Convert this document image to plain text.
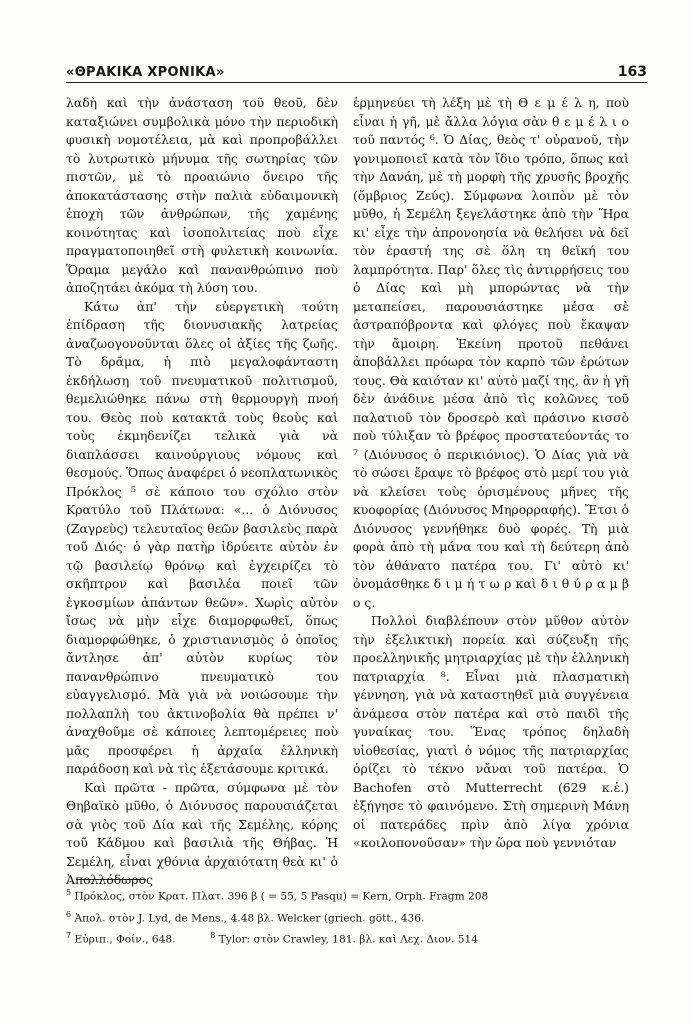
«ΘΡΑΚΙΚΑ ΧΡΟΝΙΚΑ»	163

λαδὴ καὶ τὴν ἀνάσταση τοῦ θεοῦ, δὲν καταξιώνει συμβολικὰ μόνο τὴν περιοδικὴ φυσικὴ νομοτέλεια, μὰ καὶ προπροβάλλει τὸ λυτρωτικὸ μήνυμα τῆς σωτηρίας τῶν πιστῶν, μὲ τὸ προαιώνιο ὄνειρο τῆς ἀποκατάστασης στὴν παλιὰ εὐδαιμονικὴ ἐποχὴ τῶν ἀνθρώπων, τῆς χαμένης κοινότητας καὶ ἰσοπολιτείας ποὺ εἶχε πραγματοποιηθεῖ στὴ φυλετικὴ κοινωνία. Ὅραμα μεγάλο καὶ πανανθρώπινο ποὺ ἀποζητάει ἀκόμα τὴ λύση του.

Κάτω ἀπ' τὴν εὐεργετικὴ τούτη ἐπίδραση τῆς διονυσιακῆς λατρείας ἀναζωογονοῦνται ὅλες οἱ ἀξίες τῆς ζωῆς. Τὸ δρᾶμα, ἡ πιὸ μεγαλοφάνταστη ἐκδήλωση τοῦ πνευματικοῦ πολιτισμοῦ, θεμελιώθηκε πάνω στὴ θερμουργὴ πνοή του. Θεὸς ποὺ κατακτᾶ τοὺς θεοὺς καὶ τοὺς ἐκμηδενίζει τελικὰ γιὰ νὰ διαπλάσσει καινούργιους νόμους καὶ θεσμούς. Ὅπως ἀναφέρει ὁ νεοπλατωνικὸς Πρόκλος ⁵ σὲ κάποιο του σχόλιο στὸν Κρατύλο τοῦ Πλάτωνα: «... ὁ Διόνυσος (Ζαγρεὺς) τελευταῖος θεῶν βασιλεὺς παρὰ τοῦ Διός· ὁ γὰρ πατὴρ ἱδρύειτε αὐτὸν ἐν τῷ βασιλείῳ θρόνῳ καὶ ἐγχειρίζει τὸ σκῆπτρον καὶ βασιλέα ποιεῖ τῶν ἐγκοσμίων ἁπάντων θεῶν». Χωρὶς αὐτὸν ἴσως νὰ μὴν εἶχε διαμορφωθεῖ, ὅπως διαμορφώθηκε, ὁ χριστιανισμὸς ὁ ὁποῖος ἄντλησε ἀπ' αὐτὸν κυρίως τὸν πανανθρώπινο πνευματικὸ του εὐαγγελισμό. Μὰ γιὰ νὰ νοιώσουμε τὴν πολλαπλὴ του ἀκτινοβολία θὰ πρέπει ν' ἀναχθοῦμε σὲ κάποιες λεπτομέρειες ποὺ μᾶς προσφέρει ἡ ἀρχαία ἑλληνικὴ παράδοση καὶ νὰ τὶς ἐξετάσουμε κριτικά.

Καὶ πρῶτα - πρῶτα, σύμφωνα μὲ τὸν Θηβαϊκὸ μῦθο, ὁ Διόνυσος παρουσιάζεται σὰ γιὸς τοῦ Δία καὶ τῆς Σεμέλης, κόρης τοῦ Κάδμου καὶ βασιλιὰ τῆς Θήβας. Ἡ Σεμέλη, εἶναι χθόνια ἀρχαιότατη θεὰ κι' ὁ Ἀπολλόδωρος

ἑρμηνεύει τὴ λέξη μὲ τὴ Θ ε μ έ λ η, ποὺ εἶναι ἡ γῆ, μὲ ἄλλα λόγια σὰν θ ε μ έ λ ι ο τοῦ παντός ⁶. Ὁ Δίας, θεὸς τ' οὐρανοῦ, τὴν γονιμοποιεῖ κατὰ τὸν ἴδιο τρόπο, ὅπως καὶ τὴν Δανάη, μὲ τὴ μορφὴ τῆς χρυσῆς βροχῆς (ὄμβριος Ζεύς). Σύμφωνα λοιπὸν μὲ τὸν μῦθο, ἡ Σεμέλη ξεγελάστηκε ἀπὸ τὴν Ἥρα κι' εἶχε τὴν ἀπρονοησία νὰ θελήσει νὰ δεῖ τὸν ἐραστή της σὲ ὅλη τη θεϊκή του λαμπρότητα. Παρ' ὅλες τὶς ἀντιρρήσεις του ὁ Δίας καὶ μὴ μπορώντας νὰ τὴν μεταπείσει, παρουσιάστηκε μέσα σὲ ἀστραπόβροντα καὶ φλόγες ποὺ ἔκαψαν τὴν ἄμοιρη. Ἐκείνη προτοῦ πεθάνει ἀποβάλλει πρόωρα τὸν καρπὸ τῶν ἐρώτων τους. Θὰ καιόταν κι' αὐτὸ μαζί της, ἂν ἡ γῆ δὲν ἀνάδινε μέσα ἀπὸ τὶς κολῶνες τοῦ παλατιοῦ τὸν δροσερὸ καὶ πράσινο κισσὸ ποὺ τύλιξαν τὸ βρέφος προστατεύοντάς το ⁷ (Διόνυσος ὁ περικιόνιος). Ὁ Δίας γιὰ νὰ τὸ σώσει ἔραψε τὸ βρέφος στὸ μερί του γιὰ νὰ κλείσει τοὺς ὁρισμένους μῆνες τῆς κυοφορίας (Διόνυσος Μηρορραφής). Ἔτσι ὁ Διόνυσος γεννήθηκε δυὸ φορές. Τὴ μιὰ φορὰ ἀπὸ τὴ μάνα του καὶ τὴ δεύτερη ἀπὸ τὸν ἀθάνατο πατέρα του. Γι' αὐτὸ κι' ὀνομάσθηκε δ ι μ ή τ ω ρ καὶ δ ι θ ύ ρ α μ β ο ς.

Πολλοὶ διαβλέπουν στὸν μῦθον αὐτὸν τὴν ἐξελικτικὴ πορεία καὶ σύζευξη τῆς προελληνικῆς μητριαρχίας μὲ τὴν ἑλληνικὴ πατριαρχία ⁸. Εἶναι μιὰ πλασματικὴ γέννηση, γιὰ νὰ καταστηθεῖ μιὰ συγγένεια ἀνάμεσα στὸν πατέρα καὶ στὸ παιδὶ τῆς γυναίκας του. Ἕνας τρόπος δηλαδὴ υἱοθεσίας, γιατὶ ὁ νόμος τῆς πατριαρχίας ὁρίζει τὸ τέκνο νἄναι τοῦ πατέρα. Ὁ Bachofen στὸ Mutterrecht (629 κ.ἑ.) ἐξήγησε τὸ φαινόμενο. Στὴ σημερινὴ Μάνη οἱ πατεράδες πρὶν ἀπὸ λίγα χρόνια «κοιλοπονοῦσαν» τὴν ὥρα ποὺ γεννιόταν

$^5$ Πρόκλος, στὸν Κρατ. Πλατ. 396 β ( = 55, 5 Pasqu) = Kern, Orph. Fragm 208
$^6$ Ἀπολ. στὸν J. Lyd, de Mens., 4.48 βλ. Welcker (griech. gött., 436.
$^7$ Εὐριπ., Φοίν., 648.	$^8$ Tylor: στὸν Crawley, 181. βλ. καὶ Λεχ. Διον. 514
